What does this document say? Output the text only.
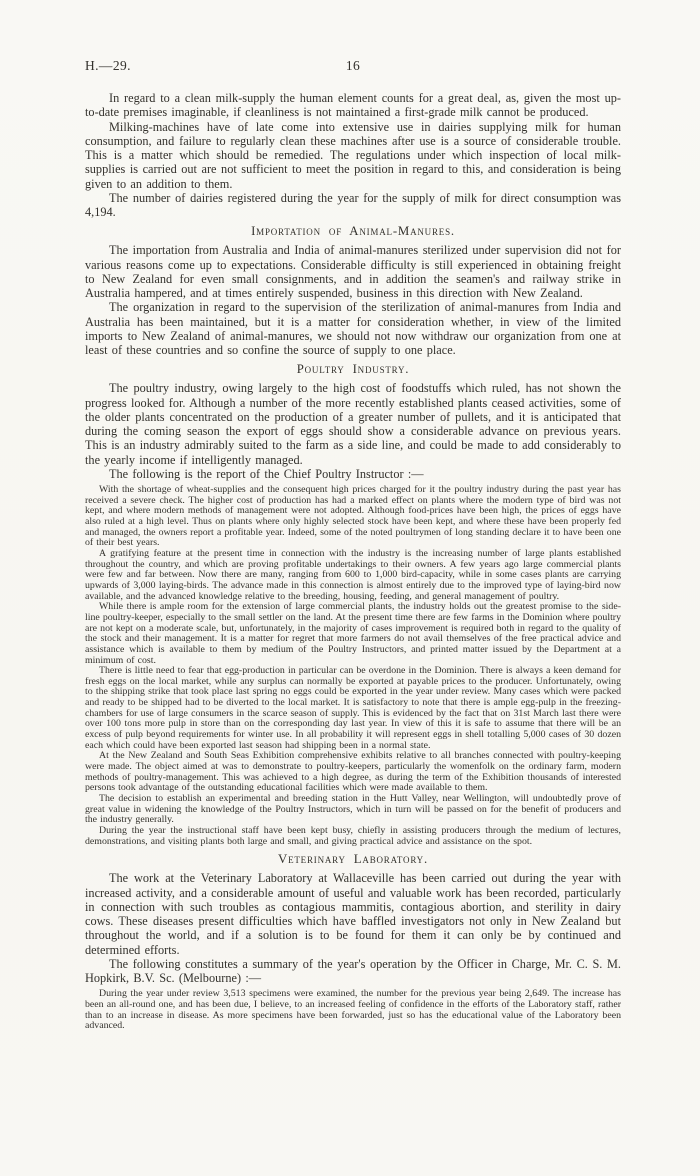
H.—29.	16

In regard to a clean milk-supply the human element counts for a great deal, as, given the most up-to-date premises imaginable, if cleanliness is not maintained a first-grade milk cannot be produced.

Milking-machines have of late come into extensive use in dairies supplying milk for human consumption, and failure to regularly clean these machines after use is a source of considerable trouble. This is a matter which should be remedied. The regulations under which inspection of local milk-supplies is carried out are not sufficient to meet the position in regard to this, and consideration is being given to an addition to them.

The number of dairies registered during the year for the supply of milk for direct consumption was 4,194.

Importation of Animal-Manures.

The importation from Australia and India of animal-manures sterilized under supervision did not for various reasons come up to expectations. Considerable difficulty is still experienced in obtaining freight to New Zealand for even small consignments, and in addition the seamen's and railway strike in Australia hampered, and at times entirely suspended, business in this direction with New Zealand.

The organization in regard to the supervision of the sterilization of animal-manures from India and Australia has been maintained, but it is a matter for consideration whether, in view of the limited imports to New Zealand of animal-manures, we should not now withdraw our organization from one at least of these countries and so confine the source of supply to one place.

Poultry Industry.

The poultry industry, owing largely to the high cost of foodstuffs which ruled, has not shown the progress looked for. Although a number of the more recently established plants ceased activities, some of the older plants concentrated on the production of a greater number of pullets, and it is anticipated that during the coming season the export of eggs should show a considerable advance on previous years. This is an industry admirably suited to the farm as a side line, and could be made to add considerably to the yearly income if intelligently managed.

The following is the report of the Chief Poultry Instructor :—

With the shortage of wheat-supplies and the consequent high prices charged for it the poultry industry during the past year has received a severe check. The higher cost of production has had a marked effect on plants where the modern type of bird was not kept, and where modern methods of management were not adopted. Although food-prices have been high, the prices of eggs have also ruled at a high level. Thus on plants where only highly selected stock have been kept, and where these have been properly fed and managed, the owners report a profitable year. Indeed, some of the noted poultrymen of long standing declare it to have been one of their best years.

A gratifying feature at the present time in connection with the industry is the increasing number of large plants established throughout the country, and which are proving profitable undertakings to their owners. A few years ago large commercial plants were few and far between. Now there are many, ranging from 600 to 1,000 bird-capacity, while in some cases plants are carrying upwards of 3,000 laying-birds. The advance made in this connection is almost entirely due to the improved type of laying-bird now available, and the advanced knowledge relative to the breeding, housing, feeding, and general management of poultry.

While there is ample room for the extension of large commercial plants, the industry holds out the greatest promise to the side-line poultry-keeper, especially to the small settler on the land. At the present time there are few farms in the Dominion where poultry are not kept on a moderate scale, but, unfortunately, in the majority of cases improvement is required both in regard to the quality of the stock and their management. It is a matter for regret that more farmers do not avail themselves of the free practical advice and assistance which is available to them by medium of the Poultry Instructors, and printed matter issued by the Department at a minimum of cost.

There is little need to fear that egg-production in particular can be overdone in the Dominion. There is always a keen demand for fresh eggs on the local market, while any surplus can normally be exported at payable prices to the producer. Unfortunately, owing to the shipping strike that took place last spring no eggs could be exported in the year under review. Many cases which were packed and ready to be shipped had to be diverted to the local market. It is satisfactory to note that there is ample egg-pulp in the freezing-chambers for use of large consumers in the scarce season of supply. This is evidenced by the fact that on 31st March last there were over 100 tons more pulp in store than on the corresponding day last year. In view of this it is safe to assume that there will be an excess of pulp beyond requirements for winter use. In all probability it will represent eggs in shell totalling 5,000 cases of 30 dozen each which could have been exported last season had shipping been in a normal state.

At the New Zealand and South Seas Exhibition comprehensive exhibits relative to all branches connected with poultry-keeping were made. The object aimed at was to demonstrate to poultry-keepers, particularly the womenfolk on the ordinary farm, modern methods of poultry-management. This was achieved to a high degree, as during the term of the Exhibition thousands of interested persons took advantage of the outstanding educational facilities which were made available to them.

The decision to establish an experimental and breeding station in the Hutt Valley, near Wellington, will undoubtedly prove of great value in widening the knowledge of the Poultry Instructors, which in turn will be passed on for the benefit of producers and the industry generally.

During the year the instructional staff have been kept busy, chiefly in assisting producers through the medium of lectures, demonstrations, and visiting plants both large and small, and giving practical advice and assistance on the spot.

Veterinary Laboratory.

The work at the Veterinary Laboratory at Wallaceville has been carried out during the year with increased activity, and a considerable amount of useful and valuable work has been recorded, particularly in connection with such troubles as contagious mammitis, contagious abortion, and sterility in dairy cows. These diseases present difficulties which have baffled investigators not only in New Zealand but throughout the world, and if a solution is to be found for them it can only be by continued and determined efforts.

The following constitutes a summary of the year's operation by the Officer in Charge, Mr. C. S. M. Hopkirk, B.V. Sc. (Melbourne) :—

During the year under review 3,513 specimens were examined, the number for the previous year being 2,649. The increase has been an all-round one, and has been due, I believe, to an increased feeling of confidence in the efforts of the Laboratory staff, rather than to an increase in disease. As more specimens have been forwarded, just so has the educational value of the Laboratory been advanced.
